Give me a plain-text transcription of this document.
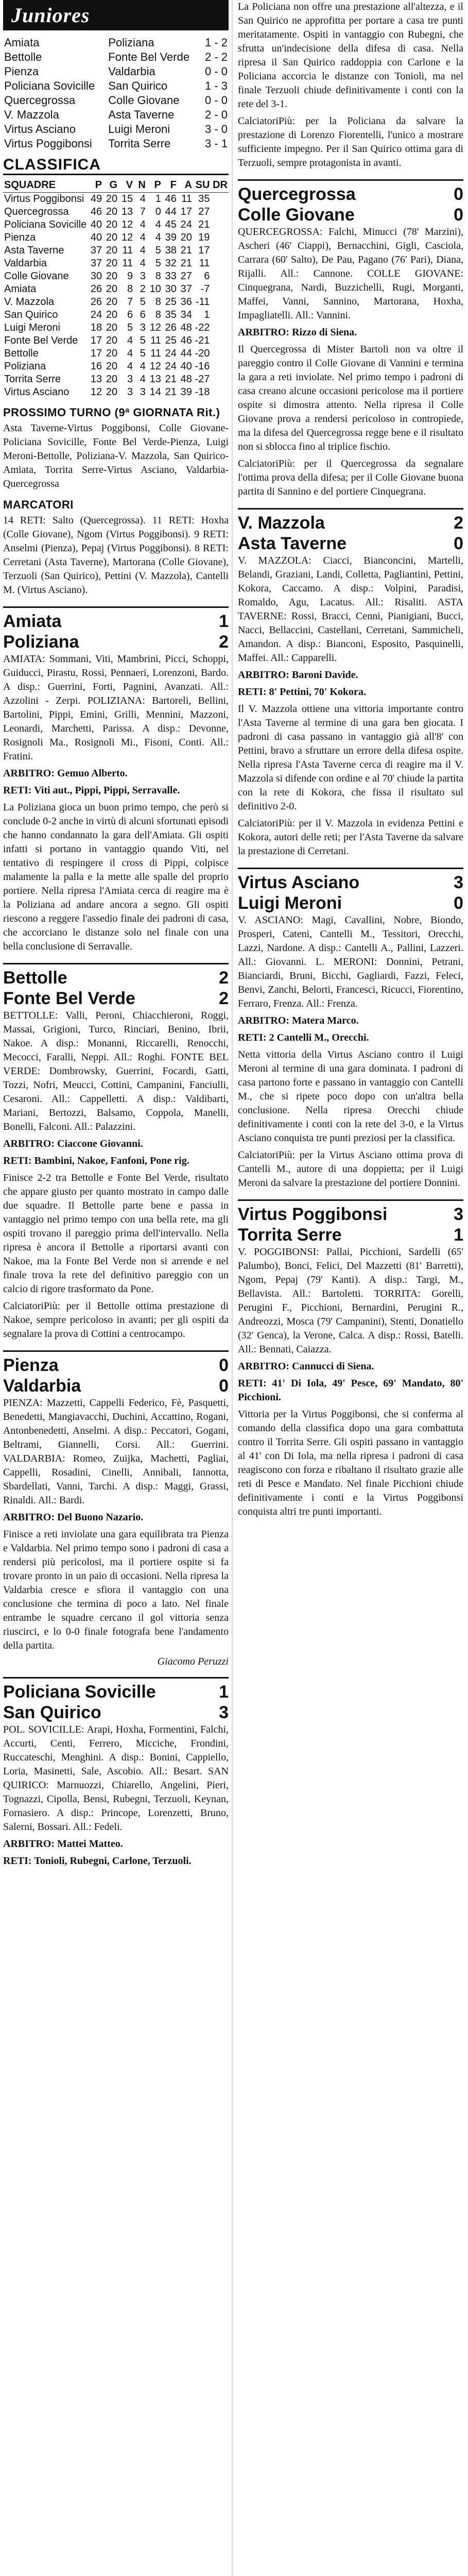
Juniores
Amiata	Poliziana	1 - 2
Bettolle	Fonte Bel Verde	2 - 2
Pienza	Valdarbia	0 - 0
Policiana Sovicille	San Quirico	1 - 3
Quercegrossa	Colle Giovane	0 - 0
V. Mazzola	Asta Taverne	2 - 0
Virtus Asciano	Luigi Meroni	3 - 0
Virtus Poggibonsi	Torrita Serre	3 - 1
CLASSIFICA
SQUADRE	P	G	V	N	P	F	A	SU	DR
Virtus Poggibonsi	49	20	15	4	1	46	11	35	
Quercegrossa	46	20	13	7	0	44	17	27	
Policiana Sovicille	40	20	12	4	4	45	24	21	
Pienza	40	20	12	4	4	39	20	19	
Asta Taverne	37	20	11	4	5	38	21	17	
Valdarbia	37	20	11	4	5	32	21	11	
Colle Giovane	30	20	9	3	8	33	27	6	
Amiata	26	20	8	2	10	30	37	-7	
V. Mazzola	26	20	7	5	8	25	36	-11	
San Quirico	24	20	6	6	8	35	34	1	
Luigi Meroni	18	20	5	3	12	26	48	-22	
Fonte Bel Verde	17	20	4	5	11	25	46	-21	
Bettolle	17	20	4	5	11	24	44	-20	
Poliziana	16	20	4	4	12	24	40	-16	
Torrita Serre	13	20	3	4	13	21	48	-27	
Virtus Asciano	12	20	3	3	14	21	39	-18	
PROSSIMO TURNO (9ª GIORNATA Rit.)

Asta Taverne-Virtus Poggibonsi, Colle Giovane-Policiana Sovicille, Fonte Bel Verde-Pienza, Luigi Meroni-Bettolle, Poliziana-V. Mazzola, San Quirico-Amiata, Torrita Serre-Virtus Asciano, Valdarbia-Quercegrossa

MARCATORI

14 RETI: Salto (Quercegrossa). 11 RETI: Hoxha (Colle Giovane), Ngom (Virtus Poggibonsi). 9 RETI: Anselmi (Pienza), Pepaj (Virtus Poggibonsi). 8 RETI: Cerretani (Asta Taverne), Martorana (Colle Giovane), Terzuoli (San Quirico), Pettini (V. Mazzola), Cantelli M. (Virtus Asciano).

Amiata	1
Poliziana	2

AMIATA: Sommani, Viti, Mambrini, Picci, Schoppi, Guiducci, Pirastu, Rossi, Pennaeri, Lorenzoni, Bardo. A disp.: Guerrini, Forti, Pagnini, Avanzati. All.: Azzolini - Zerpi. POLIZIANA: Bartoreli, Bellini, Bartolini, Pippi, Emini, Grilli, Mennini, Mazzoni, Leonardi, Marchetti, Parissa. A disp.: Devonne, Rosignoli Ma., Rosignoli Mi., Fisoni, Conti. All.: Fratini.

ARBITRO: Gemuo Alberto.

RETI: Viti aut., Pippi, Pippi, Serravalle.

La Poliziana gioca un buon primo tempo, che però si conclude 0-2 anche in virtù di alcuni sfortunati episodi che hanno condannato la gara dell'Amiata. Gli ospiti infatti si portano in vantaggio quando Viti, nel tentativo di respingere il cross di Pippi, colpisce malamente la palla e la mette alle spalle del proprio portiere. Nella ripresa l'Amiata cerca di reagire ma è la Poliziana ad andare ancora a segno. Gli ospiti riescono a reggere l'assedio finale dei padroni di casa, che accorciano le distanze solo nel finale con una bella conclusione di Serravalle.

Bettolle	2
Fonte Bel Verde	2

BETTOLLE: Valli, Peroni, Chiacchieroni, Roggi, Massai, Grigioni, Turco, Rinciari, Benino, Ibrii, Nakoe. A disp.: Monanni, Riccarelli, Renocchi, Mecocci, Faralli, Neppi. All.: Roghi. FONTE BEL VERDE: Dombrowsky, Guerrini, Focardi, Gatti, Tozzi, Nofri, Meucci, Cottini, Campanini, Fanciulli, Cesaroni. All.: Cappelletti. A disp.: Valdibarti, Mariani, Bertozzi, Balsamo, Coppola, Manelli, Bonelli, Falconi. All.: Palazzini.

ARBITRO: Ciaccone Giovanni.

RETI: Bambini, Nakoe, Fanfoni, Pone rig.

Finisce 2-2 tra Bettolle e Fonte Bel Verde, risultato che appare giusto per quanto mostrato in campo dalle due squadre. Il Bettolle parte bene e passa in vantaggio nel primo tempo con una bella rete, ma gli ospiti trovano il pareggio prima dell'intervallo. Nella ripresa è ancora il Bettolle a riportarsi avanti con Nakoe, ma la Fonte Bel Verde non si arrende e nel finale trova la rete del definitivo pareggio con un calcio di rigore trasformato da Pone.

CalciatoriPiù: per il Bettolle ottima prestazione di Nakoe, sempre pericoloso in avanti; per gli ospiti da segnalare la prova di Cottini a centrocampo.

Pienza	0
Valdarbia	0

PIENZA: Mazzetti, Cappelli Federico, Fè, Pasquetti, Benedetti, Mangiavacchi, Duchini, Accattino, Rogani, Antonbenedetti, Anselmi. A disp.: Peccatori, Gogani, Beltrami, Giannelli, Corsi. All.: Guerrini. VALDARBIA: Romeo, Zuijka, Machetti, Pagliai, Cappelli, Rosadini, Cinelli, Annibali, Iannotta, Sbardellati, Vanni, Tarchi. A disp.: Maggi, Grassi, Rinaldi. All.: Bardi.

ARBITRO: Del Buono Nazario.

Finisce a reti inviolate una gara equilibrata tra Pienza e Valdarbia. Nel primo tempo sono i padroni di casa a rendersi più pericolosi, ma il portiere ospite si fa trovare pronto in un paio di occasioni. Nella ripresa la Valdarbia cresce e sfiora il vantaggio con una conclusione che termina di poco a lato. Nel finale entrambe le squadre cercano il gol vittoria senza riuscirci, e lo 0-0 finale fotografa bene l'andamento della partita.

Giacomo Peruzzi
Policiana Sovicille	1
San Quirico	3

POL. SOVICILLE: Arapi, Hoxha, Formentini, Falchi, Accurti, Centi, Ferrero, Micciche, Frondini, Ruccateschi, Menghini. A disp.: Bonini, Cappiello, Loria, Masinetti, Sale, Ascobio. All.: Besart. SAN QUIRICO: Marnuozzi, Chiarello, Angelini, Pieri, Tognazzi, Cipolla, Bensi, Rubegni, Terzuoli, Keynan, Fornasiero. A disp.: Princope, Lorenzetti, Bruno, Salerni, Bossari. All.: Fedeli.

ARBITRO: Mattei Matteo.

RETI: Tonioli, Rubegni, Carlone, Terzuoli.

La Policiana non offre una prestazione all'altezza, e il San Quirico ne approfitta per portare a casa tre punti meritatamente. Ospiti in vantaggio con Rubegni, che sfrutta un'indecisione della difesa di casa. Nella ripresa il San Quirico raddoppia con Carlone e la Policiana accorcia le distanze con Tonioli, ma nel finale Terzuoli chiude definitivamente i conti con la rete del 3-1.

CalciatoriPiù: per la Policiana da salvare la prestazione di Lorenzo Fiorentelli, l'unico a mostrare sufficiente impegno. Per il San Quirico ottima gara di Terzuoli, sempre protagonista in avanti.

Quercegrossa	0
Colle Giovane	0

QUERCEGROSSA: Falchi, Minucci (78' Marzini), Ascheri (46' Ciappi), Bernacchini, Gigli, Casciola, Carrara (60' Salto), De Pau, Pagano (76' Pari), Diana, Rijalli. All.: Cannone. COLLE GIOVANE: Cinquegrana, Nardi, Buzzichelli, Rugi, Morganti, Maffei, Vanni, Sannino, Martorana, Hoxha, Impagliatelli. All.: Vannini.

ARBITRO: Rizzo di Siena.

Il Quercegrossa di Mister Bartoli non va oltre il pareggio contro il Colle Giovane di Vannini e termina la gara a reti inviolate. Nel primo tempo i padroni di casa creano alcune occasioni pericolose ma il portiere ospite si dimostra attento. Nella ripresa il Colle Giovane prova a rendersi pericoloso in contropiede, ma la difesa del Quercegrossa regge bene e il risultato non si sblocca fino al triplice fischio.

CalciatoriPiù: per il Quercegrossa da segnalare l'ottima prova della difesa; per il Colle Giovane buona partita di Sannino e del portiere Cinquegrana.

V. Mazzola	2
Asta Taverne	0

V. MAZZOLA: Ciacci, Bianconcini, Martelli, Belandi, Graziani, Landi, Colletta, Pagliantini, Pettini, Kokora, Caccamo. A disp.: Volpini, Paradisi, Romaldo, Agu, Lacatus. All.: Risaliti. ASTA TAVERNE: Rossi, Bracci, Cenni, Pianigiani, Bucci, Nacci, Bellaccini, Castellani, Cerretani, Sammicheli, Amandon. A disp.: Bianconi, Esposito, Pasquinelli, Maffei. All.: Capparelli.

ARBITRO: Baroni Davide.

RETI: 8' Pettini, 70' Kokora.

Il V. Mazzola ottiene una vittoria importante contro l'Asta Taverne al termine di una gara ben giocata. I padroni di casa passano in vantaggio già all'8' con Pettini, bravo a sfruttare un errore della difesa ospite. Nella ripresa l'Asta Taverne cerca di reagire ma il V. Mazzola si difende con ordine e al 70' chiude la partita con la rete di Kokora, che fissa il risultato sul definitivo 2-0.

CalciatoriPiù: per il V. Mazzola in evidenza Pettini e Kokora, autori delle reti; per l'Asta Taverne da salvare la prestazione di Cerretani.

Virtus Asciano	3
Luigi Meroni	0

V. ASCIANO: Magi, Cavallini, Nobre, Biondo, Prosperi, Cateni, Cantelli M., Tessitori, Orecchi, Lazzi, Nardone. A disp.: Cantelli A., Pallini, Lazzeri. All.: Giovanni. L. MERONI: Donnini, Petrani, Bianciardi, Bruni, Bicchi, Gagliardi, Fazzi, Feleci, Benvi, Zanchi, Belorti, Francesci, Ricucci, Fiorentino, Ferraro, Frenza. All.: Frenza.

ARBITRO: Matera Marco.

RETI: 2 Cantelli M., Orecchi.

Netta vittoria della Virtus Asciano contro il Luigi Meroni al termine di una gara dominata. I padroni di casa partono forte e passano in vantaggio con Cantelli M., che si ripete poco dopo con un'altra bella conclusione. Nella ripresa Orecchi chiude definitivamente i conti con la rete del 3-0, e la Virtus Asciano conquista tre punti preziosi per la classifica.

CalciatoriPiù: per la Virtus Asciano ottima prova di Cantelli M., autore di una doppietta; per il Luigi Meroni da salvare la prestazione del portiere Donnini.

Virtus Poggibonsi	3
Torrita Serre	1

V. POGGIBONSI: Pallai, Picchioni, Sardelli (65' Palumbo), Bonci, Felici, Del Mazzetti (81' Barretti), Ngom, Pepaj (79' Kanti). A disp.: Targi, M., Bellavista. All.: Bartoletti. TORRITA: Gorelli, Perugini F., Picchioni, Bernardini, Perugini R., Andreozzi, Mosca (79' Campanini), Stenti, Donatiello (32' Genca), la Verone, Calca. A disp.: Rossi, Batelli. All.: Bennati, Caiazza.

ARBITRO: Cannucci di Siena.

RETI: 41' Di Iola, 49' Pesce, 69' Mandato, 80' Picchioni.

Vittoria per la Virtus Poggibonsi, che si conferma al comando della classifica dopo una gara combattuta contro il Torrita Serre. Gli ospiti passano in vantaggio al 41' con Di Iola, ma nella ripresa i padroni di casa reagiscono con forza e ribaltano il risultato grazie alle reti di Pesce e Mandato. Nel finale Picchioni chiude definitivamente i conti e la Virtus Poggibonsi conquista altri tre punti importanti.
